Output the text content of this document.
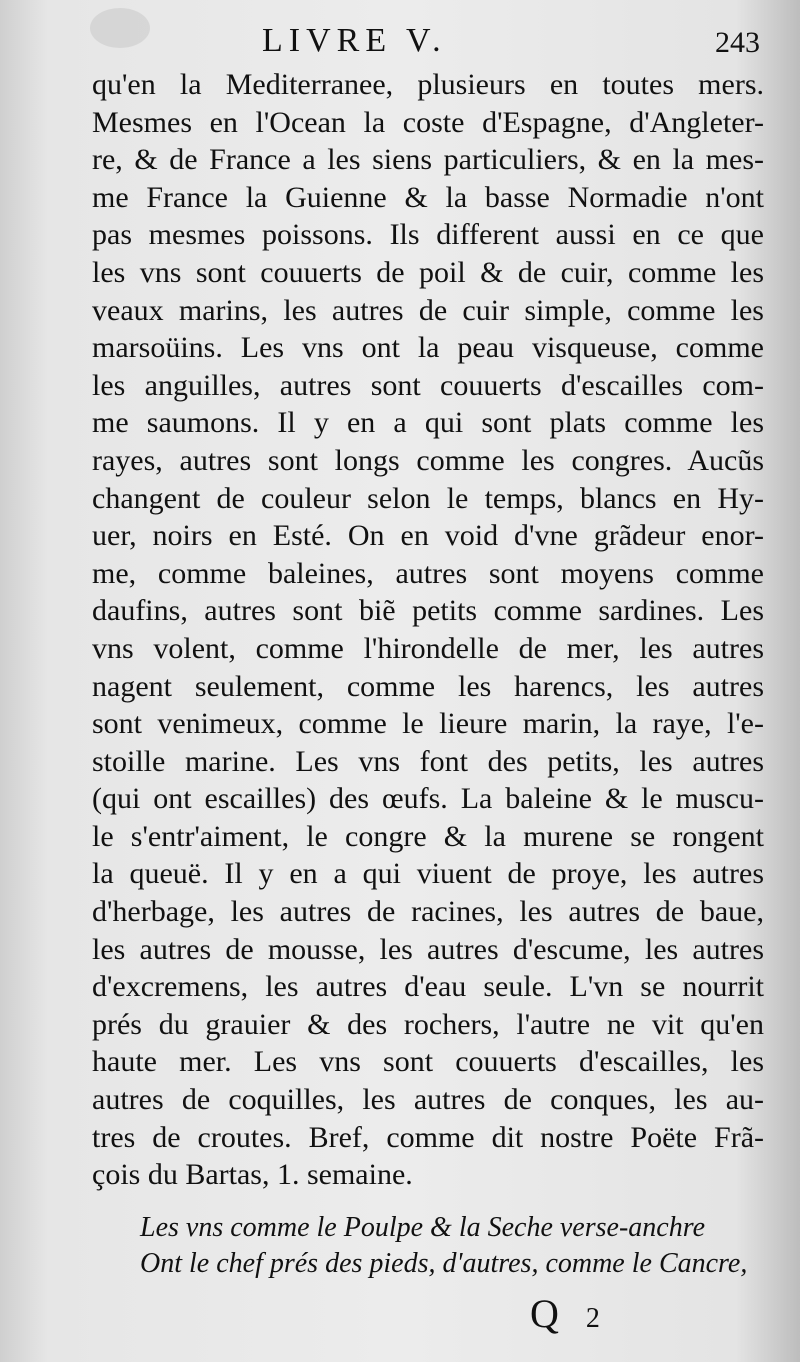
LIVRE V.	243
qu'en la Mediterranee, plusieurs en toutes mers.
Mesmes en l'Ocean la coste d'Espagne, d'Angleter-
re, & de France a les siens particuliers, & en la mes-
me France la Guienne & la basse Normadie n'ont
pas mesmes poissons. Ils different aussi en ce que
les vns sont couuerts de poil & de cuir, comme les
veaux marins, les autres de cuir simple, comme les
marsoüins. Les vns ont la peau visqueuse, comme
les anguilles, autres sont couuerts d'escailles com-
me saumons. Il y en a qui sont plats comme les
rayes, autres sont longs comme les congres. Aucũs
changent de couleur selon le temps, blancs en Hy-
uer, noirs en Esté. On en void d'vne grãdeur enor-
me, comme baleines, autres sont moyens comme
daufins, autres sont biẽ petits comme sardines. Les
vns volent, comme l'hirondelle de mer, les autres
nagent seulement, comme les harencs, les autres
sont venimeux, comme le lieure marin, la raye, l'e-
stoille marine. Les vns font des petits, les autres
(qui ont escailles) des œufs. La baleine & le muscu-
le s'entr'aiment, le congre & la murene se rongent
la queuë. Il y en a qui viuent de proye, les autres
d'herbage, les autres de racines, les autres de baue,
les autres de mousse, les autres d'escume, les autres
d'excremens, les autres d'eau seule. L'vn se nourrit
prés du grauier & des rochers, l'autre ne vit qu'en
haute mer. Les vns sont couuerts d'escailles, les
autres de coquilles, les autres de conques, les au-
tres de croutes. Bref, comme dit nostre Poëte Frã-
çois du Bartas, 1. semaine.
Les vns comme le Poulpe & la Seche verse-anchre
Ont le chef prés des pieds, d'autres, comme le Cancre,
Q 2
